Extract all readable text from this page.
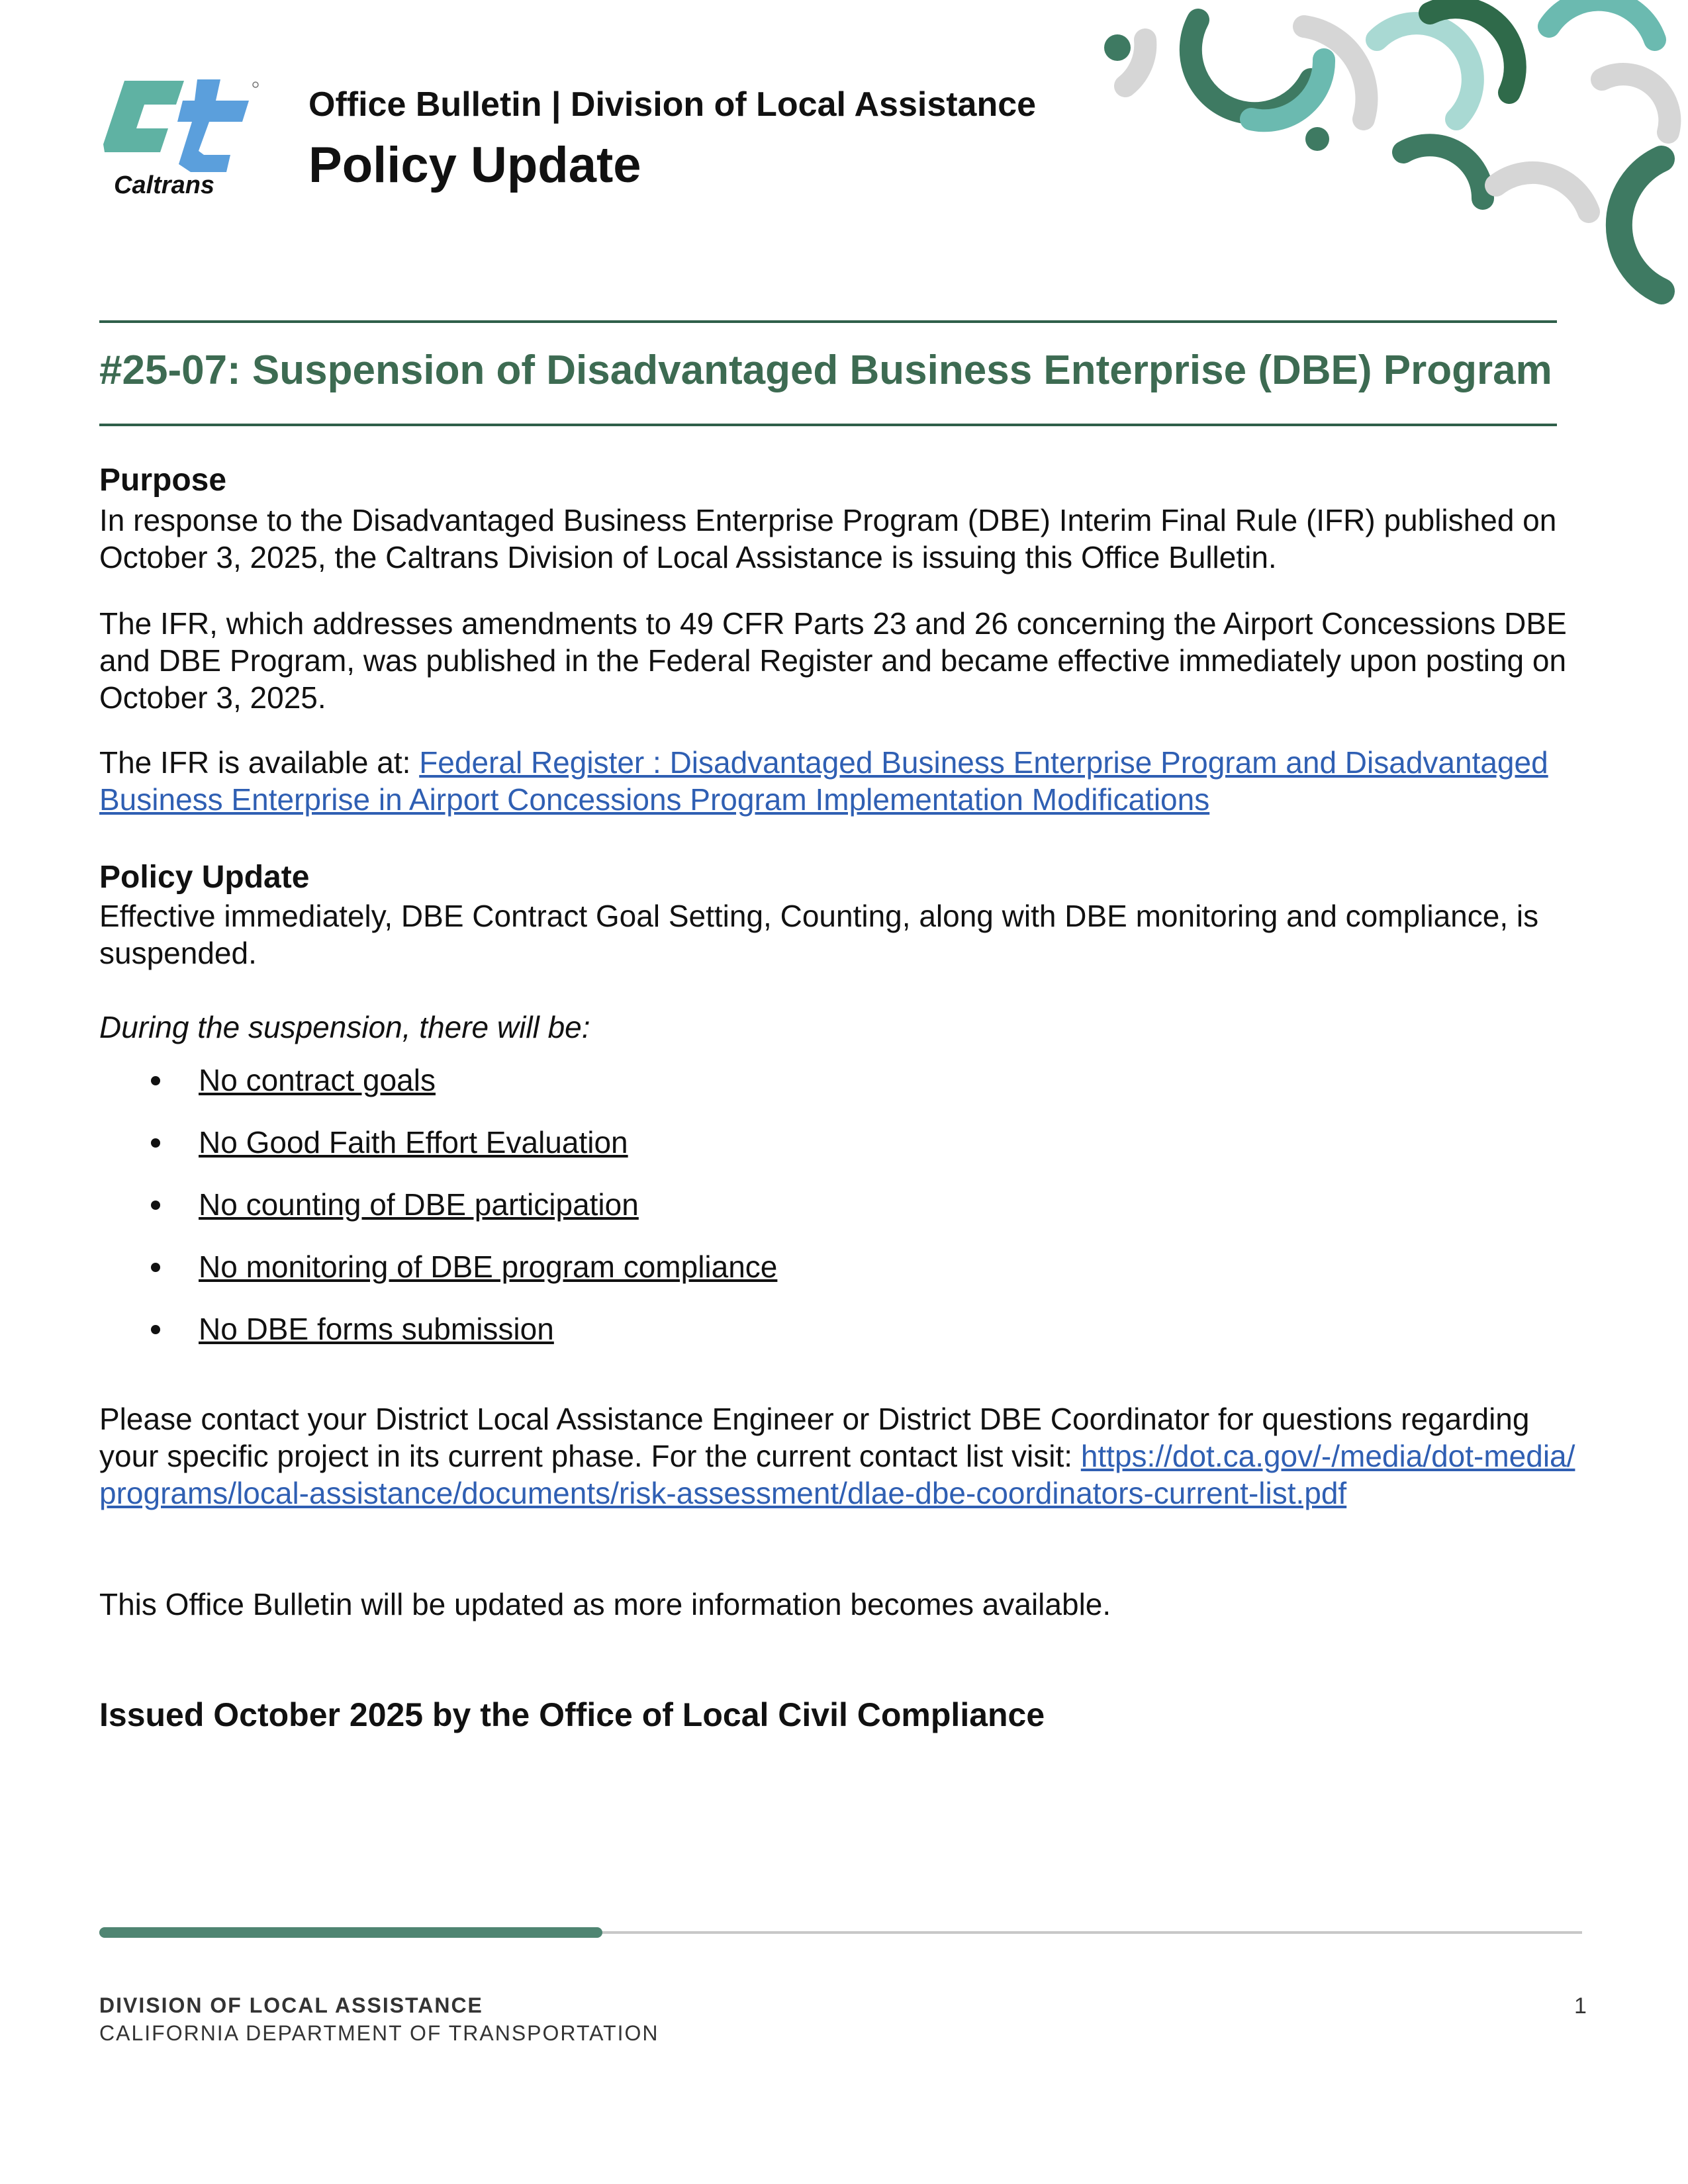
Caltrans
Office Bulletin | Division of Local Assistance
Policy Update
#25-07: Suspension of Disadvantaged Business Enterprise (DBE) Program
Purpose
In response to the Disadvantaged Business Enterprise Program (DBE) Interim Final Rule (IFR) published on October 3, 2025, the Caltrans Division of Local Assistance is issuing this Office Bulletin.
The IFR, which addresses amendments to 49 CFR Parts 23 and 26 concerning the Airport Concessions DBE and DBE Program, was published in the Federal Register and became effective immediately upon posting on October 3, 2025.
The IFR is available at: Federal Register : Disadvantaged Business Enterprise Program and Disadvantaged Business Enterprise in Airport Concessions Program Implementation Modifications
Policy Update
Effective immediately, DBE Contract Goal Setting, Counting, along with DBE monitoring and compliance, is suspended.
During the suspension, there will be:
No contract goals
No Good Faith Effort Evaluation
No counting of DBE participation
No monitoring of DBE program compliance
No DBE forms submission
Please contact your District Local Assistance Engineer or District DBE Coordinator for questions regarding your specific project in its current phase. For the current contact list visit: https://dot.ca.gov/-/media/dot-media/programs/local-assistance/documents/risk-assessment/dlae-dbe-coordinators-current-list.pdf
This Office Bulletin will be updated as more information becomes available.
Issued October 2025 by the Office of Local Civil Compliance
DIVISION OF LOCAL ASSISTANCE
CALIFORNIA DEPARTMENT OF TRANSPORTATION
1
